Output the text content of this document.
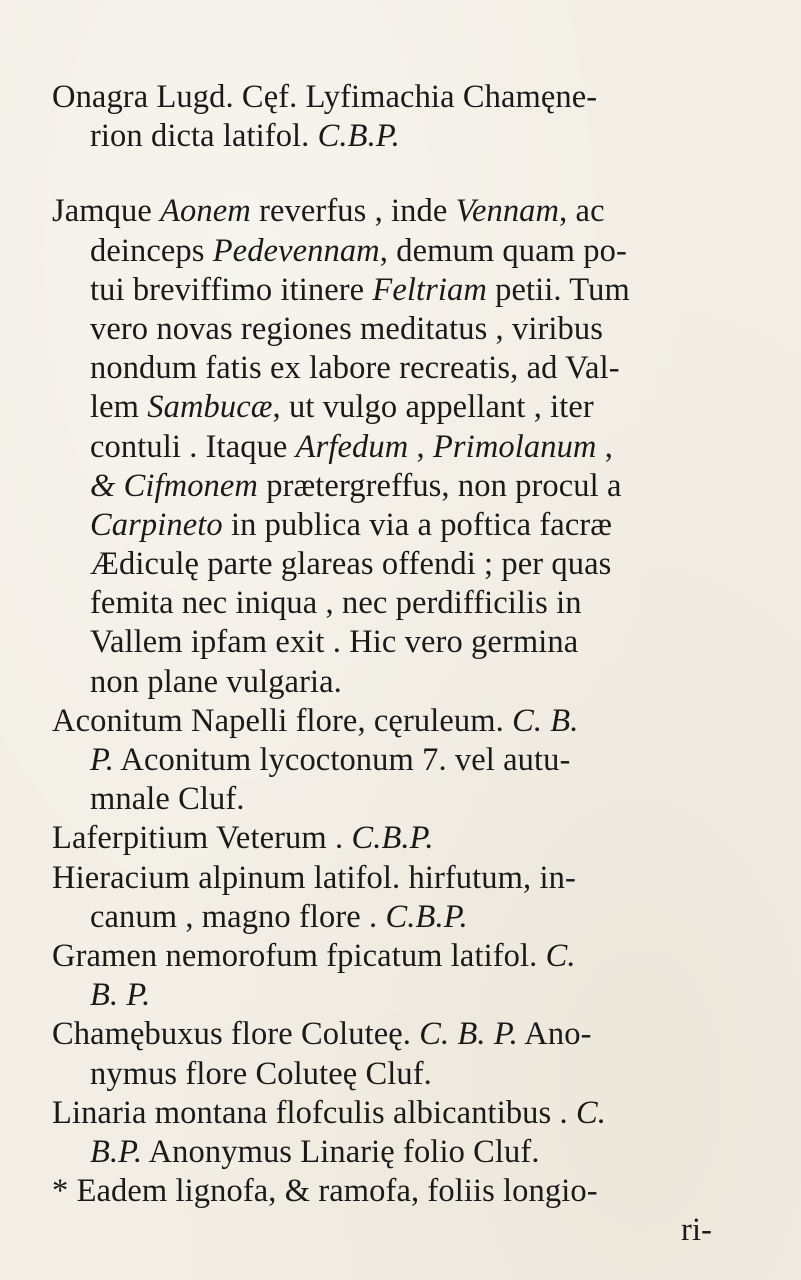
Onagra Lugd. Cęf. Lyfimachia Chamęne-
rion dicta latifol. C.B.P.
Jamque Aonem reverfus , inde Vennam, ac
deinceps Pedevennam, demum quam po-
tui breviffimo itinere Feltriam petii. Tum
vero novas regiones meditatus , viribus
nondum fatis ex labore recreatis, ad Val-
lem Sambucæ, ut vulgo appellant , iter
contuli . Itaque Arfedum , Primolanum ,
& Cifmonem prætergreffus, non procul a
Carpineto in publica via a poftica facræ
Ædiculę parte glareas offendi ; per quas
femita nec iniqua , nec perdifficilis in
Vallem ipfam exit . Hic vero germina
non plane vulgaria.
Aconitum Napelli flore, cęruleum. C. B.
P. Aconitum lycoctonum 7. vel autu-
mnale Cluf.
Laferpitium Veterum . C.B.P.
Hieracium alpinum latifol. hirfutum, in-
canum , magno flore . C.B.P.
Gramen nemorofum fpicatum latifol. C.
B. P.
Chamębuxus flore Coluteę. C. B. P. Ano-
nymus flore Coluteę Cluf.
Linaria montana flofculis albicantibus . C.
B.P. Anonymus Linarię folio Cluf.
* Eadem lignofa, & ramofa, foliis longio-
ri-
